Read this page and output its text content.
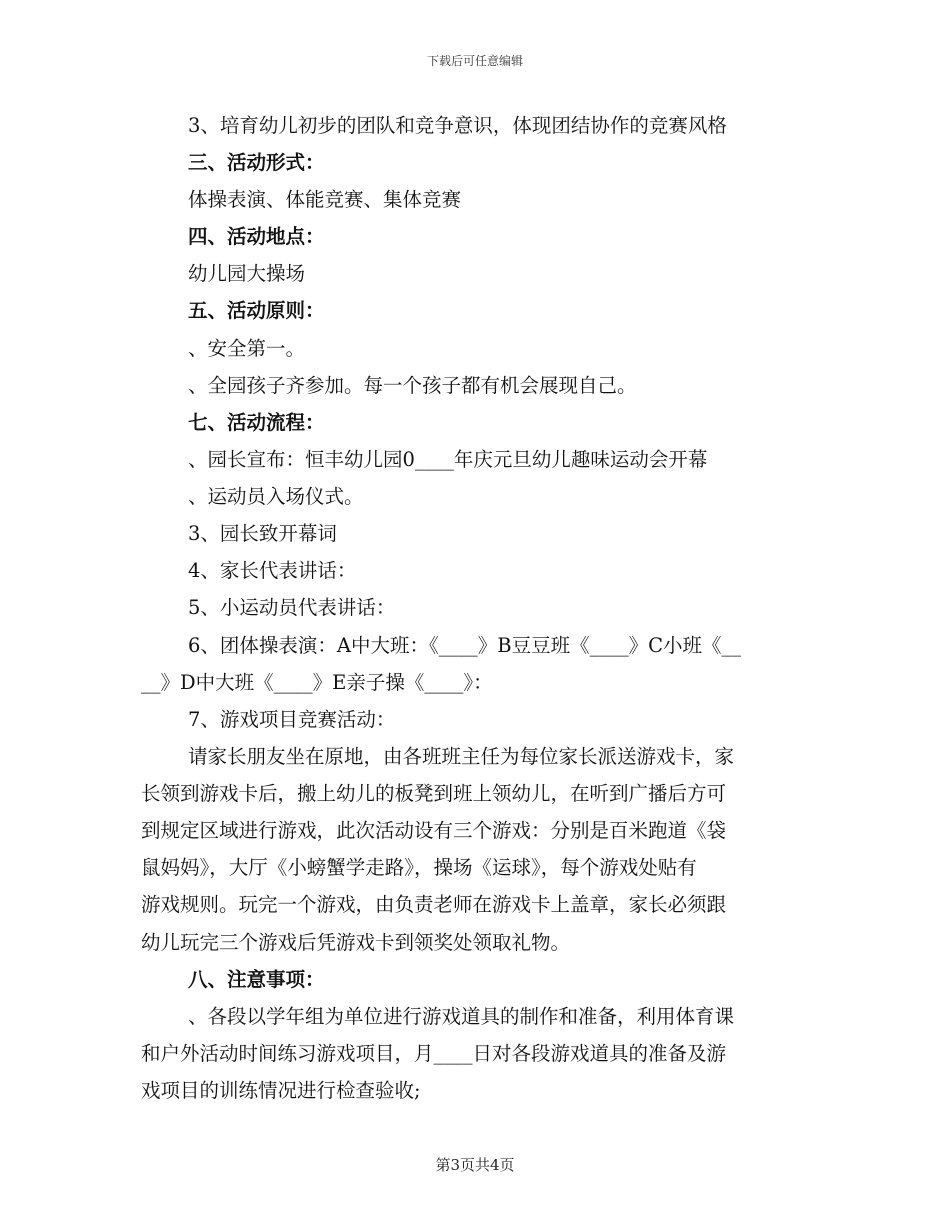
下载后可任意编辑
3、培育幼儿初步的团队和竞争意识，体现团结协作的竞赛风格
三、活动形式：
体操表演、体能竞赛、集体竞赛
四、活动地点：
幼儿园大操场
五、活动原则：
、安全第一。
、全园孩子齐参加。每一个孩子都有机会展现自己。
七、活动流程：
、园长宣布：恒丰幼儿园0____年庆元旦幼儿趣味运动会开幕
、运动员入场仪式。
3、园长致开幕词
4、家长代表讲话：
5、小运动员代表讲话：
6、团体操表演：A中大班：《____》B豆豆班《____》C小班《__
__》D中大班《____》E亲子操《____》：
7、游戏项目竞赛活动：
请家长朋友坐在原地，由各班班主任为每位家长派送游戏卡，家
长领到游戏卡后，搬上幼儿的板凳到班上领幼儿，在听到广播后方可
到规定区域进行游戏，此次活动设有三个游戏：分别是百米跑道《袋
鼠妈妈》，大厅《小螃蟹学走路》，操场《运球》，每个游戏处贴有
游戏规则。玩完一个游戏，由负责老师在游戏卡上盖章，家长必须跟
幼儿玩完三个游戏后凭游戏卡到领奖处领取礼物。
八、注意事项：
、各段以学年组为单位进行游戏道具的制作和准备，利用体育课
和户外活动时间练习游戏项目，月____日对各段游戏道具的准备及游
戏项目的训练情况进行检查验收;
第3页共4页
